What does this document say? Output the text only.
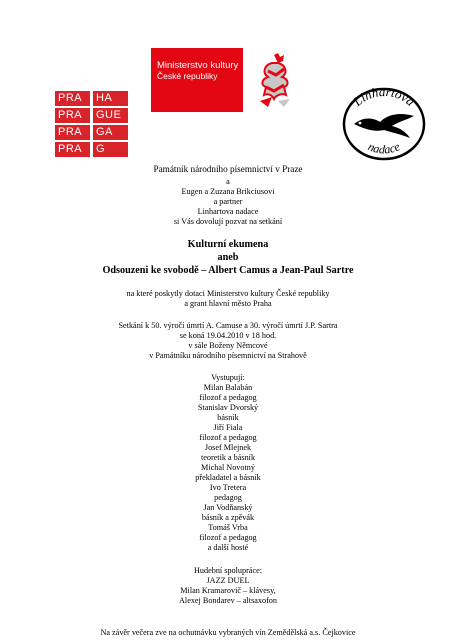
PRA	HA
PRA	GUE
PRA	GA
PRA	G
Ministerstvo kultury
České republiky
Linhartova
nadace
Památník národního písemnictví v Praze
a
Eugen a Zuzana Brikciusovi
a partner
Linhartova nadace
si Vás dovolují pozvat na setkání
Kulturní ekumena
aneb
Odsouzeni ke svobodě – Albert Camus a Jean-Paul Sartre
na které poskytly dotaci Ministerstvo kultury České republiky
a grant hlavní město Praha
Setkání k 50. výročí úmrtí A. Camuse a 30. výročí úmrtí J.P. Sartra
se koná 19.04.2010 v 18 hod.
v sále Boženy Němcové
v Památníku národního písemnictví na Strahově
Vystupují:
Milan Balabán
filozof a pedagog
Stanislav Dvorský
básník
Jiří Fiala
filozof a pedagog
Josef Mlejnek
teoretik a básník
Michal Novotný
překladatel a básník
Ivo Tretera
pedagog
Jan Vodňanský
básník a zpěvák
Tomáš Vrba
filozof a pedagog
a další hosté
Hudební spolupráce:
JAZZ DUEL
Milan Kramarovič – klávesy,
Alexej Bondarev – altsaxofon
Na závěr večera zve na ochutnávku vybraných vín Zemědělská a.s. Čejkovice
